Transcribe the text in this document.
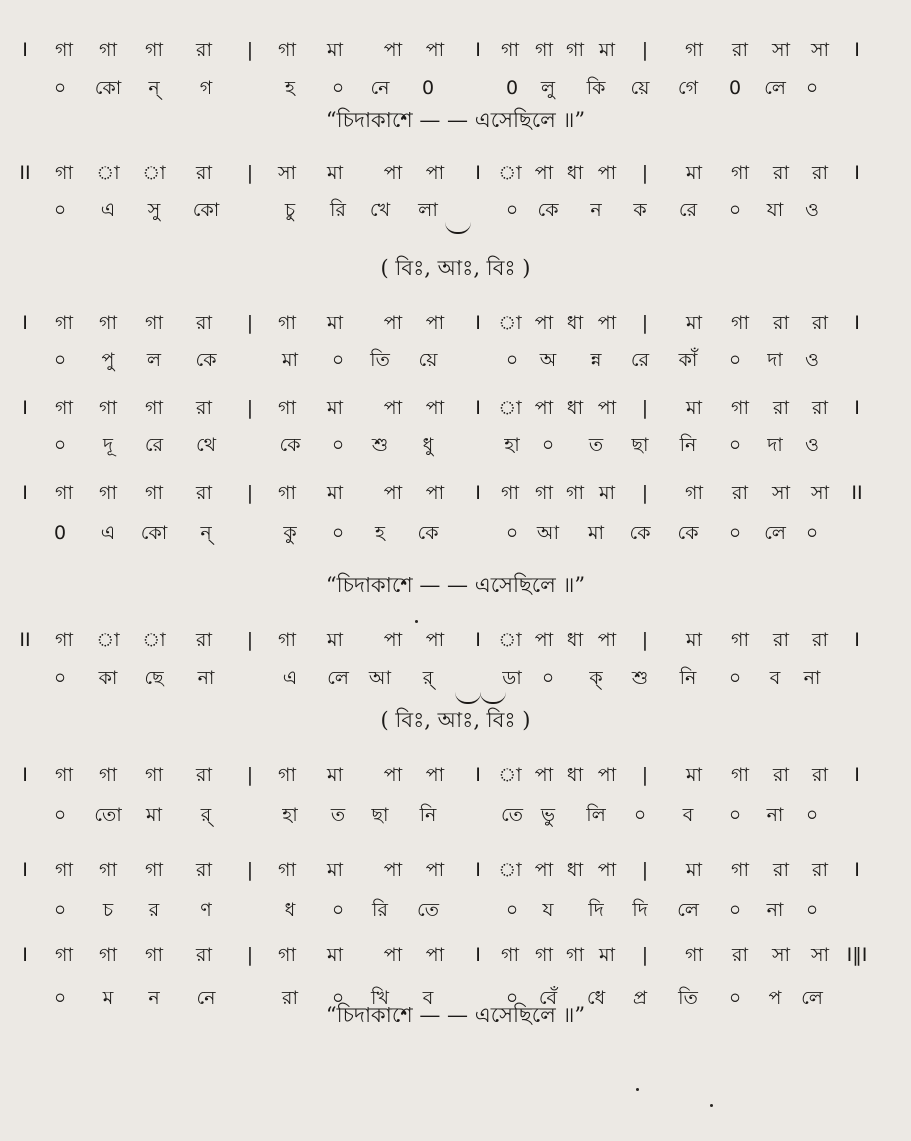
I গা গা গা রা | গা মা পা পা I গা গা গা মা | গা রা সা সা I
০ কো ন্ গ	হ ০ নে 0	0 লু কি য়ে গে 0 লে ০
II গা া া রা | সা মা পা পা I া পা ধা পা | মা গা রা রা I
০ এ সু কো	চু রি খে লা	০ কে ন ক রে ০ যা ও
I গা গা গা রা | গা মা পা পা I া পা ধা পা | মা গা রা রা I
০ পু ল কে	মা ০ তি য়ে	০ অ ন্ন রে কাঁ ০ দা ও
I গা গা গা রা | গা মা পা পা I া পা ধা পা | মা গা রা রা I
০ দূ রে থে	কে ০ শু ধু	হা ০ ত ছা নি ০ দা ও
I গা গা গা রা | গা মা পা পা I গা গা গা মা | গা রা সা সা II
0 এ কো ন্	কু ০ হ কে	০ আ মা কে কে ০ লে ০
II গা া া রা | গা মা পা পা I া পা ধা পা | মা গা রা রা I
০ কা ছে না	এ লে আ র্	ডা ০ ক্ শু নি ০ ব না
I গা গা গা রা | গা মা পা পা I া পা ধা পা | মা গা রা রা I
০ তো মা র্	হা ত ছা নি	তে ভু লি ০ ব ০ না ০
I গা গা গা রা | গা মা পা পা I া পা ধা পা | মা গা রা রা I
০ চ র ণ	ধ ০ রি তে	০ য দি দি লে ০ না ০
I গা গা গা রা | গা মা পা পা I গা গা গা মা | গা রা সা সা I‖I
০ ম ন নে	রা ০ খি ব	০ বেঁ ধে প্র তি ০ প লে
“চিদাকাশে — — এসেছিলে ॥”
( বিঃ, আঃ, বিঃ )
“চিদাকাশে — — এসেছিলে ॥”
( বিঃ, আঃ, বিঃ )
“চিদাকাশে — — এসেছিলে ॥”
